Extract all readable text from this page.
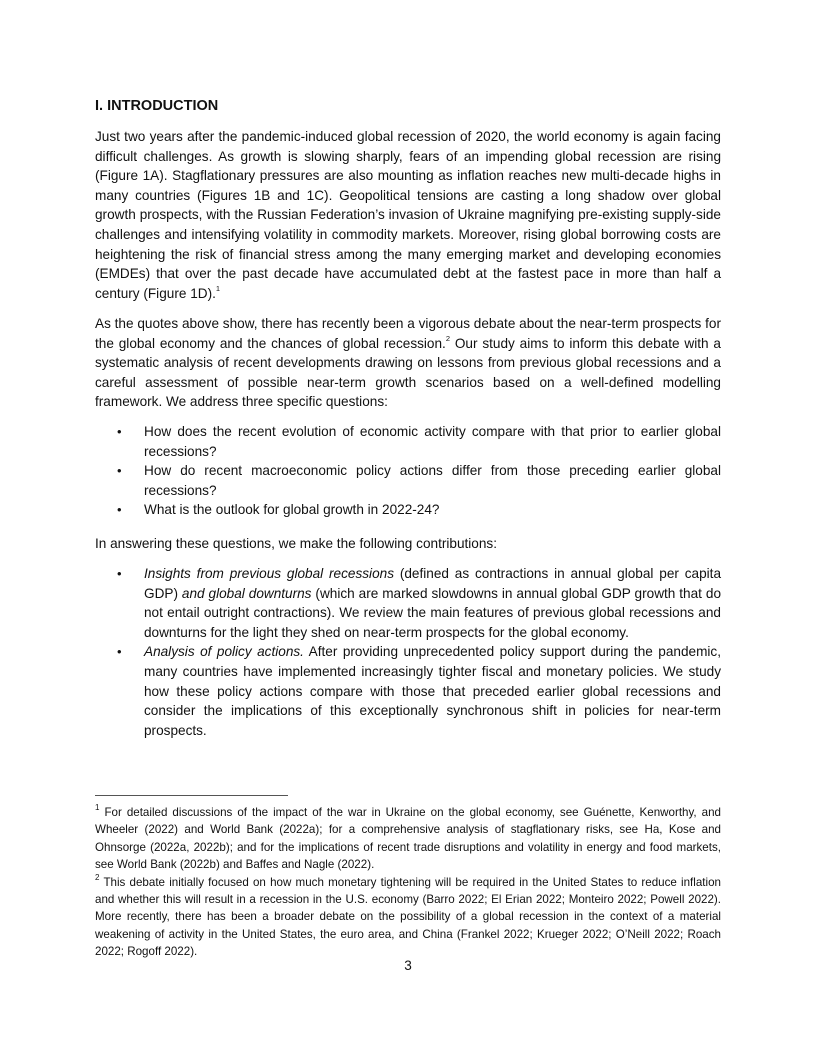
I. INTRODUCTION

Just two years after the pandemic-induced global recession of 2020, the world economy is again facing difficult challenges. As growth is slowing sharply, fears of an impending global recession are rising (Figure 1A). Stagflationary pressures are also mounting as inflation reaches new multi-decade highs in many countries (Figures 1B and 1C). Geopolitical tensions are casting a long shadow over global growth prospects, with the Russian Federation’s invasion of Ukraine magnifying pre-existing supply-side challenges and intensifying volatility in commodity markets. Moreover, rising global borrowing costs are heightening the risk of financial stress among the many emerging market and developing economies (EMDEs) that over the past decade have accumulated debt at the fastest pace in more than half a century (Figure 1D).$^1$

As the quotes above show, there has recently been a vigorous debate about the near-term prospects for the global economy and the chances of global recession.$^2$ Our study aims to inform this debate with a systematic analysis of recent developments drawing on lessons from previous global recessions and a careful assessment of possible near-term growth scenarios based on a well-defined modelling framework. We address three specific questions:

• How does the recent evolution of economic activity compare with that prior to earlier global recessions?
• How do recent macroeconomic policy actions differ from those preceding earlier global recessions?
• What is the outlook for global growth in 2022-24?

In answering these questions, we make the following contributions:

• Insights from previous global recessions (defined as contractions in annual global per capita GDP) and global downturns (which are marked slowdowns in annual global GDP growth that do not entail outright contractions). We review the main features of previous global recessions and downturns for the light they shed on near-term prospects for the global economy.
• Analysis of policy actions. After providing unprecedented policy support during the pandemic, many countries have implemented increasingly tighter fiscal and monetary policies. We study how these policy actions compare with those that preceded earlier global recessions and consider the implications of this exceptionally synchronous shift in policies for near-term prospects.

$^1$ For detailed discussions of the impact of the war in Ukraine on the global economy, see Guénette, Kenworthy, and Wheeler (2022) and World Bank (2022a); for a comprehensive analysis of stagflationary risks, see Ha, Kose and Ohnsorge (2022a, 2022b); and for the implications of recent trade disruptions and volatility in energy and food markets, see World Bank (2022b) and Baffes and Nagle (2022).

$^2$ This debate initially focused on how much monetary tightening will be required in the United States to reduce inflation and whether this will result in a recession in the U.S. economy (Barro 2022; El Erian 2022; Monteiro 2022; Powell 2022). More recently, there has been a broader debate on the possibility of a global recession in the context of a material weakening of activity in the United States, the euro area, and China (Frankel 2022; Krueger 2022; O’Neill 2022; Roach 2022; Rogoff 2022).

3
